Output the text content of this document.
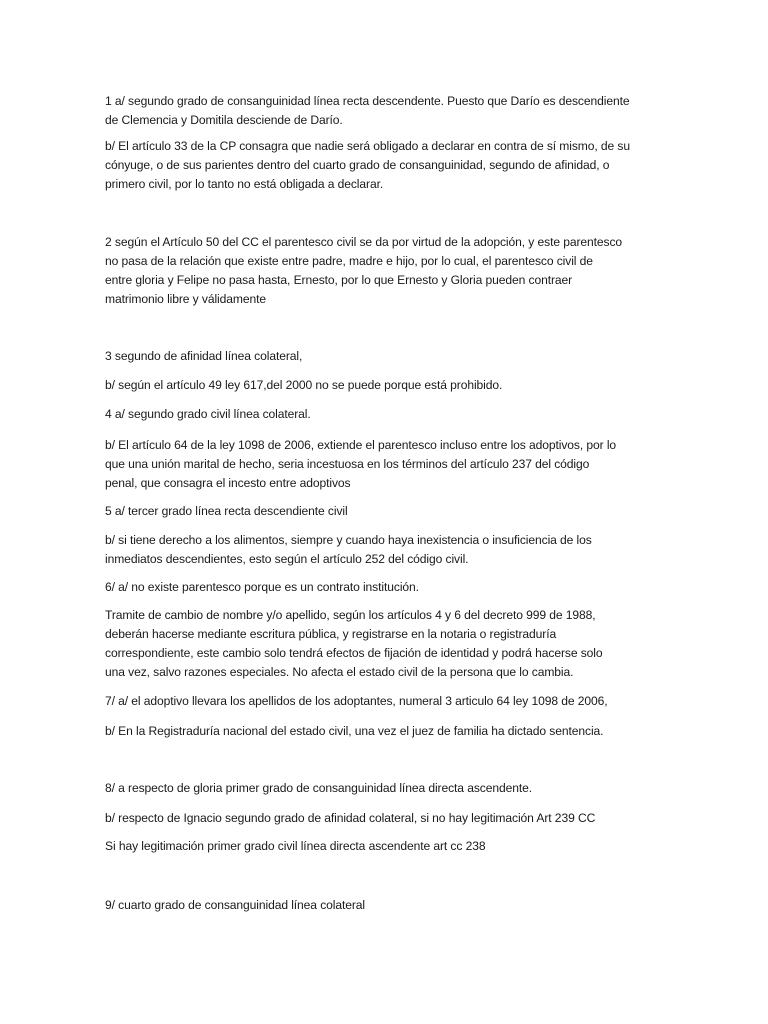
1 a/ segundo grado de consanguinidad línea recta descendente. Puesto que Darío es descendiente
de Clemencia y Domitila desciende de Darío.

b/ El artículo 33 de la CP consagra que nadie será obligado a declarar en contra de sí mismo, de su
cónyuge, o de sus parientes dentro del cuarto grado de consanguinidad, segundo de afinidad, o
primero civil, por lo tanto no está obligada a declarar.

2 según el Artículo 50 del CC el parentesco civil se da por virtud de la adopción, y este parentesco
no pasa de la relación que existe entre padre, madre e hijo, por lo cual, el parentesco civil de
entre gloria y Felipe no pasa hasta, Ernesto, por lo que Ernesto y Gloria pueden contraer
matrimonio libre y válidamente

3 segundo de afinidad línea colateral,

b/ según el artículo 49 ley 617,del 2000 no se puede porque está prohibido.

4 a/ segundo grado civil línea colateral.

b/ El artículo 64 de la ley 1098 de 2006, extiende el parentesco incluso entre los adoptivos, por lo
que una unión marital de hecho, seria incestuosa en los términos del artículo 237 del código
penal, que consagra el incesto entre adoptivos

5 a/ tercer grado línea recta descendiente civil

b/ si tiene derecho a los alimentos, siempre y cuando haya inexistencia o insuficiencia de los
inmediatos descendientes, esto según el artículo 252 del código civil.

6/ a/ no existe parentesco porque es un contrato institución.

Tramite de cambio de nombre y/o apellido, según los artículos 4 y 6 del decreto 999 de 1988,
deberán hacerse mediante escritura pública, y registrarse en la notaria o registraduría
correspondiente, este cambio solo tendrá efectos de fijación de identidad y podrá hacerse solo
una vez, salvo razones especiales. No afecta el estado civil de la persona que lo cambia.

7/ a/ el adoptivo llevara los apellidos de los adoptantes, numeral 3 articulo 64 ley 1098 de 2006,

b/ En la Registraduría nacional del estado civil, una vez el juez de familia ha dictado sentencia.

8/ a respecto de gloria primer grado de consanguinidad línea directa ascendente.

b/ respecto de Ignacio segundo grado de afinidad colateral, si no hay legitimación Art 239 CC

Si hay legitimación primer grado civil línea directa ascendente art cc 238

9/ cuarto grado de consanguinidad línea colateral
